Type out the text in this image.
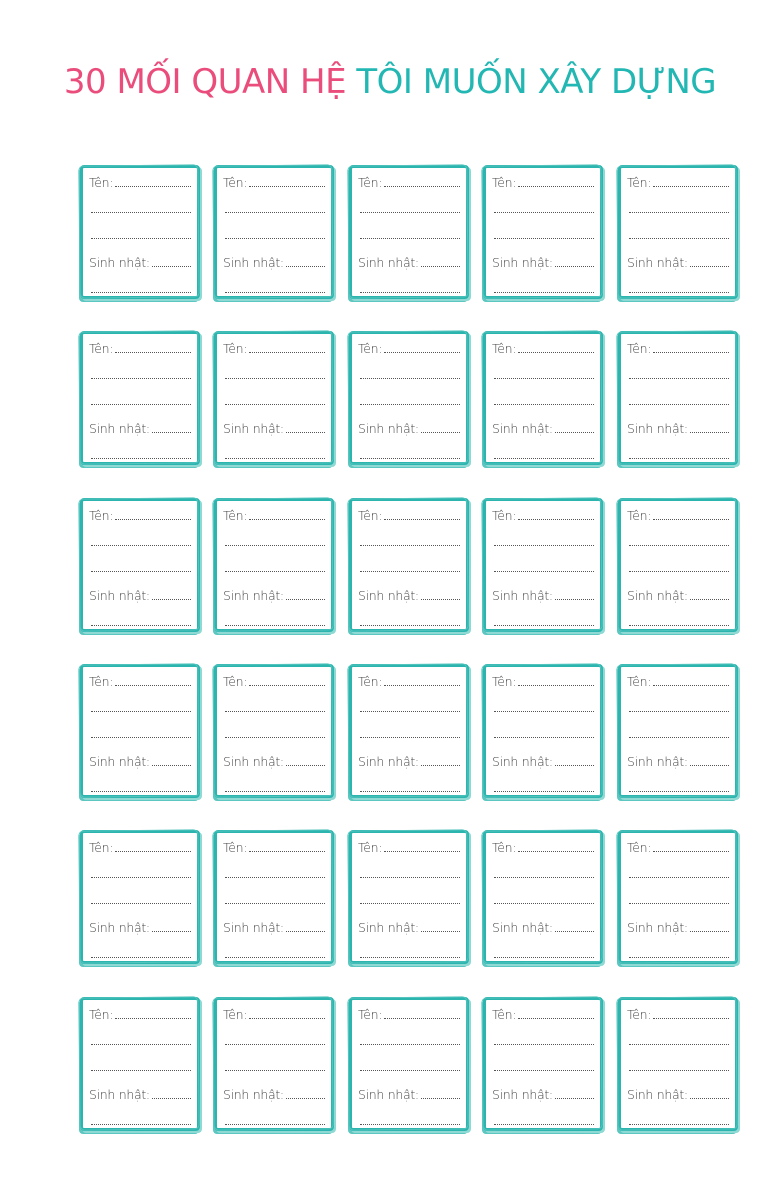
30 MỐI QUAN HỆ TÔI MUỐN XÂY DỰNG
Tên:
Sinh nhật:
Tên:
Sinh nhật:
Tên:
Sinh nhật:
Tên:
Sinh nhật:
Tên:
Sinh nhật:
Tên:
Sinh nhật:
Tên:
Sinh nhật:
Tên:
Sinh nhật:
Tên:
Sinh nhật:
Tên:
Sinh nhật:
Tên:
Sinh nhật:
Tên:
Sinh nhật:
Tên:
Sinh nhật:
Tên:
Sinh nhật:
Tên:
Sinh nhật:
Tên:
Sinh nhật:
Tên:
Sinh nhật:
Tên:
Sinh nhật:
Tên:
Sinh nhật:
Tên:
Sinh nhật:
Tên:
Sinh nhật:
Tên:
Sinh nhật:
Tên:
Sinh nhật:
Tên:
Sinh nhật:
Tên:
Sinh nhật:
Tên:
Sinh nhật:
Tên:
Sinh nhật:
Tên:
Sinh nhật:
Tên:
Sinh nhật:
Tên:
Sinh nhật:
